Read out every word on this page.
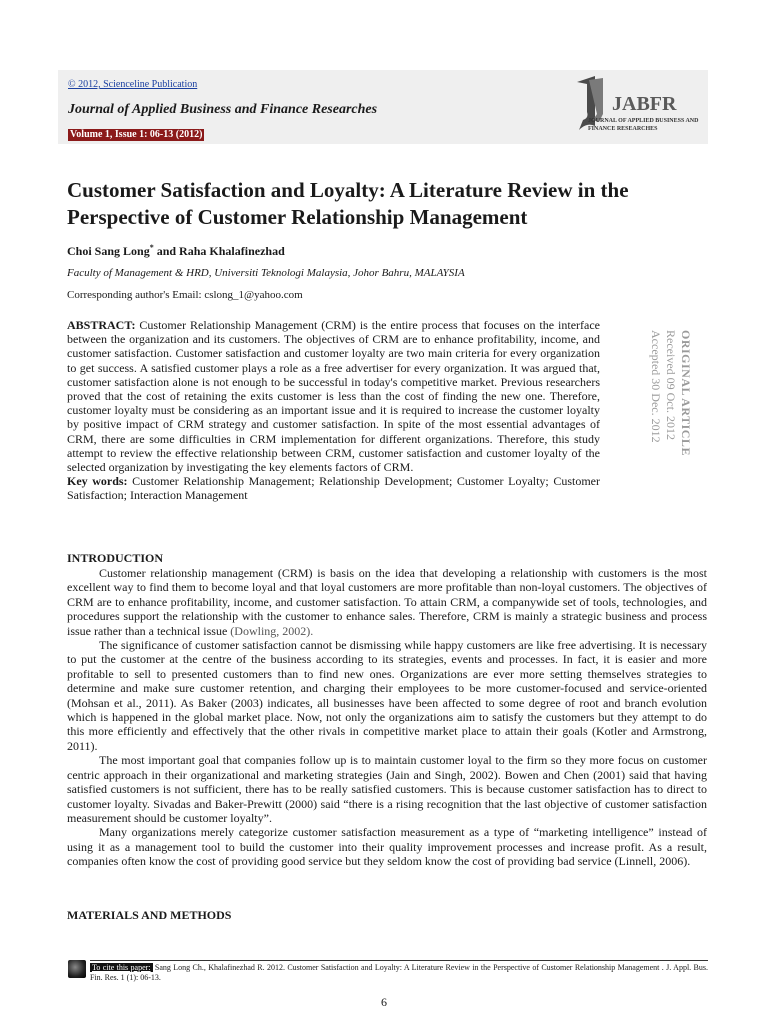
© 2012, Scienceline Publication
Journal of Applied Business and Finance Researches
Volume 1, Issue 1: 06-13 (2012)
JABFR
JOURNAL OF APPLIED BUSINESS AND FINANCE RESEARCHES
Customer Satisfaction and Loyalty: A Literature Review in the Perspective of Customer Relationship Management
Choi Sang Long* and Raha Khalafinezhad
Faculty of Management & HRD, Universiti Teknologi Malaysia, Johor Bahru, MALAYSIA
Corresponding author's Email: cslong_1@yahoo.com
ABSTRACT: Customer Relationship Management (CRM) is the entire process that focuses on the interface between the organization and its customers. The objectives of CRM are to enhance profitability, income, and customer satisfaction. Customer satisfaction and customer loyalty are two main criteria for every organization to get success. A satisfied customer plays a role as a free advertiser for every organization. It was argued that, customer satisfaction alone is not enough to be successful in today's competitive market. Previous researchers proved that the cost of retaining the exits customer is less than the cost of finding the new one. Therefore, customer loyalty must be considering as an important issue and it is required to increase the customer loyalty by positive impact of CRM strategy and customer satisfaction. In spite of the most essential advantages of CRM, there are some difficulties in CRM implementation for different organizations. Therefore, this study attempt to review the effective relationship between CRM, customer satisfaction and customer loyalty of the selected organization by investigating the key elements factors of CRM.
Key words: Customer Relationship Management; Relationship Development; Customer Loyalty; Customer Satisfaction; Interaction Management
ORIGINAL ARTICLE
Received 09 Oct. 2012
Accepted 30 Dec. 2012
INTRODUCTION

Customer relationship management (CRM) is basis on the idea that developing a relationship with customers is the most excellent way to find them to become loyal and that loyal customers are more profitable than non-loyal customers. The objectives of CRM are to enhance profitability, income, and customer satisfaction. To attain CRM, a companywide set of tools, technologies, and procedures support the relationship with the customer to enhance sales. Therefore, CRM is mainly a strategic business and process issue rather than a technical issue (Dowling, 2002).

The significance of customer satisfaction cannot be dismissing while happy customers are like free advertising. It is necessary to put the customer at the centre of the business according to its strategies, events and processes. In fact, it is easier and more profitable to sell to presented customers than to find new ones. Organizations are ever more setting themselves strategies to determine and make sure customer retention, and charging their employees to be more customer-focused and service-oriented (Mohsan et al., 2011). As Baker (2003) indicates, all businesses have been affected to some degree of root and branch evolution which is happened in the global market place. Now, not only the organizations aim to satisfy the customers but they attempt to do this more efficiently and effectively that the other rivals in competitive market place to attain their goals (Kotler and Armstrong, 2011).

The most important goal that companies follow up is to maintain customer loyal to the firm so they more focus on customer centric approach in their organizational and marketing strategies (Jain and Singh, 2002). Bowen and Chen (2001) said that having satisfied customers is not sufficient, there has to be really satisfied customers. This is because customer satisfaction has to direct to customer loyalty. Sivadas and Baker-Prewitt (2000) said “there is a rising recognition that the last objective of customer satisfaction measurement should be customer loyalty”.

Many organizations merely categorize customer satisfaction measurement as a type of “marketing intelligence” instead of using it as a management tool to build the customer into their quality improvement processes and increase profit. As a result, companies often know the cost of providing good service but they seldom know the cost of providing bad service (Linnell, 2006).

MATERIALS AND METHODS
To cite this paper: Sang Long Ch., Khalafinezhad R. 2012. Customer Satisfaction and Loyalty: A Literature Review in the Perspective of Customer Relationship Management . J. Appl. Bus. Fin. Res. 1 (1): 06-13.
6
